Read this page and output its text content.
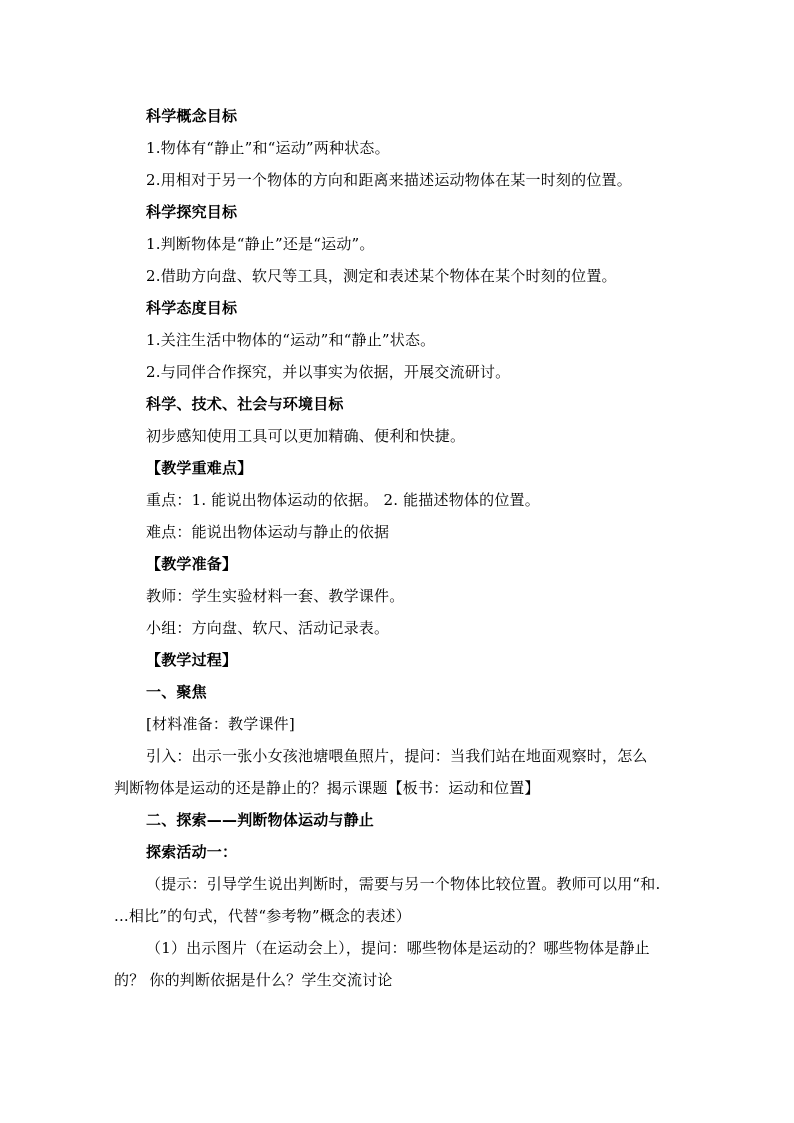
科学概念目标
1.物体有“静止”和“运动”两种状态。
2.用相对于另一个物体的方向和距离来描述运动物体在某一时刻的位置。
科学探究目标
1.判断物体是“静止”还是“运动”。
2.借助方向盘、软尺等工具，测定和表述某个物体在某个时刻的位置。
科学态度目标
1.关注生活中物体的“运动”和“静止”状态。
2.与同伴合作探究，并以事实为依据，开展交流研讨。
科学、技术、社会与环境目标
初步感知使用工具可以更加精确、便利和快捷。
【教学重难点】
重点：1. 能说出物体运动的依据。 2. 能描述物体的位置。
难点：能说出物体运动与静止的依据
【教学准备】
教师：学生实验材料一套、教学课件。
小组：方向盘、软尺、活动记录表。
【教学过程】
一、聚焦
[材料准备：教学课件]
引入：出示一张小女孩池塘喂鱼照片，提问：当我们站在地面观察时，怎么
判断物体是运动的还是静止的？揭示课题【板书：运动和位置】
二、探索——判断物体运动与静止
探索活动一：
（提示：引导学生说出判断时，需要与另一个物体比较位置。教师可以用“和.
...相比”的句式，代替“参考物”概念的表述）
（1）出示图片（在运动会上），提问：哪些物体是运动的？哪些物体是静止
的？ 你的判断依据是什么？学生交流讨论
